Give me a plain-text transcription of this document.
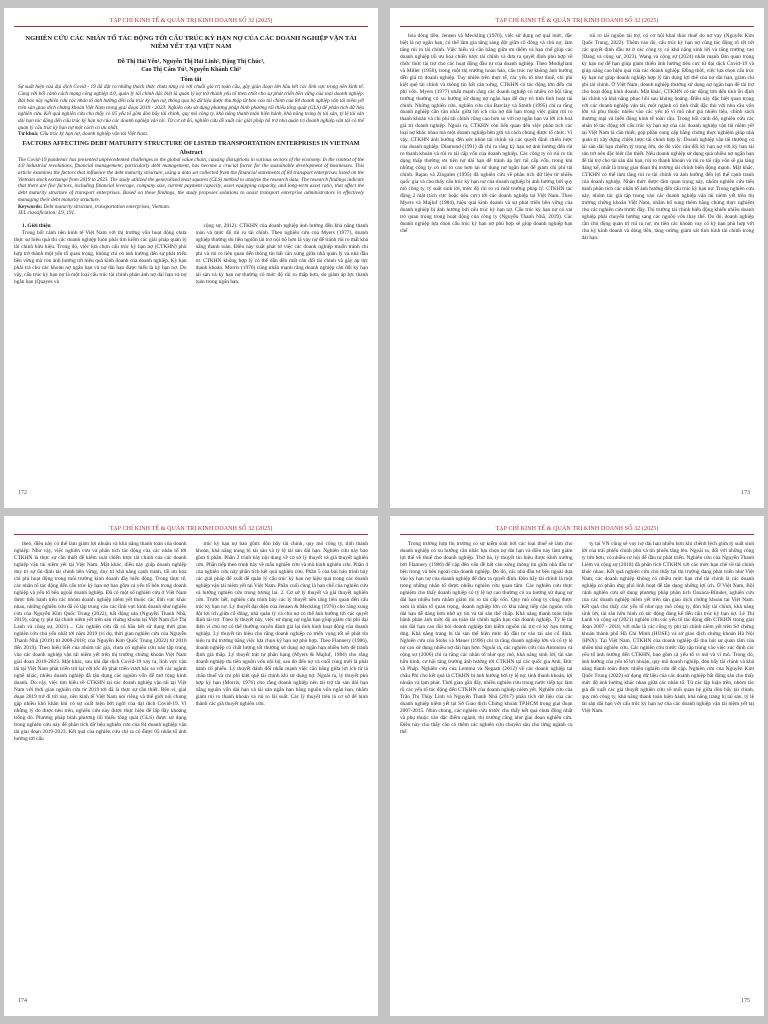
TẠP CHÍ KINH TẾ & QUẢN TRỊ KINH DOANH SỐ 32 (2025)
NGHIÊN CỨU CÁC NHÂN TỐ TÁC ĐỘNG TỚI CẤU TRÚC KỲ HẠN NỢ CỦA CÁC DOANH NGHIỆP VẬN TẢI NIÊM YẾT TẠI VIỆT NAM
Đỗ Thị Hải Yến¹, Nguyễn Thị Hải Linh², Đặng Thị Chúc³,
Cao Thị Cẩm Tú³, Nguyễn Khánh Chi³
Tóm tắt

Sự xuất hiện của đại dịch Covid - 19 đã đặt ra những thách thức chưa từng có với chuỗi giá trị toàn cầu, gây gián đoạn lớn hầu hết các lĩnh vực trong nền kinh tế. Cùng với bối cảnh cách mạng công nghiệp 4.0, quản lý tài chính đặc biệt là quản lý nợ trở thành yếu tố then chốt cho sự phát triển bền vững của mọi doanh nghiệp. Bài báo này nghiên cứu các nhân tố ảnh hưởng đến cấu trúc kỳ hạn nợ, thông qua bộ dữ liệu được thu thập từ báo cáo tài chính của 84 doanh nghiệp vận tải niêm yết trên sàn giao dịch chứng khoán Việt Nam trong giai đoạn 2019 - 2023. Nghiên cứu sử dụng phương pháp bình phương tối thiểu tổng quát (GLS) để phân tích dữ liệu nghiên cứu. Kết quả nghiên cứu cho thấy có 05 yếu tố gồm đòn bẩy tài chính, quy mô công ty, khả năng thanh toán hiện hành, khả năng trang bị tài sản, tỷ lệ tài sản dài hạn tác động đến cấu trúc kỳ hạn nợ của các doanh nghiệp vận tải. Từ cơ sở đó, nghiên cứu đề xuất các giải pháp hỗ trợ nhà quản trị doanh nghiệp vận tải có thể quản lý cấu trúc kỳ hạn nợ một cách có ưu nhất.

Từ khoá: Cấu trúc kỳ hạn nợ, doanh nghiệp vận tải Việt Nam.

FACTORS AFFECTING DEBT MATURITY STRUCTURE OF LISTED TRANSPORTATION ENTERPRISES IN VIETNAM
Abstract

The Covid-19 pandemic has presented unprecedented challenges to the global value chain, causing disruptions in various sectors of the economy. In the context of the 4.0 industrial revolutions, financial management, particularly debt management, has become a crucial factor for the sustainable development of businesses. This article examines the factors that influence the debt maturity structure, using a data set collected from the financial statements of 84 transport enterprises listed on the Vietnam stock exchange from 2019 to 2023. The study utilized the generalized least squares (GLS) method to analyze the research data. The research findings indicate that there are five factors, including financial leverage, company size, current payment capacity, asset equipping capacity, and long-term asset ratio, that affect the debt maturity structure of transport enterprises. Based on these findings, the study proposes solutions to assist transport enterprise administrators in effectively managing their debt maturity structure.

Keywords: Debt maturity structure, transportation enterprises, Vietnam.

JEL classification: L9, 191.

1. Giới thiệu

Trong bối cảnh nền kinh tế Việt Nam với thị trường vốn hoạt động chưa thực sự hiệu quả thì các doanh nghiệp luôn phải tìm kiếm các giải pháp quản lý tài chính hữu hiệu. Trong đó, việc lựa chọn cấu trúc kỳ hạn nợ (CTKHN) phù hợp trở thành một yếu tố quan trọng, không chỉ có ảnh hưởng đến sự phát triển bền vững mà còn ảnh hưởng tới hiệu quả kinh doanh của doanh nghiệp. Kỳ hạn phải trả cho các khoản nợ ngắn hạn và nợ dài hạn được hiểu là kỳ hạn nợ. Do vậy, cấu trúc kỳ hạn nợ là một loại cấu trúc tài chính phản ánh nợ dài hạn và nợ ngắn hạn (Quayes và

cộng sự, 2012). CTKHN của doanh nghiệp ảnh hưởng đến khả năng thanh toán và mức độ rủi ro tài chính. Theo nghiên cứu của Myers (1977), doanh nghiệp thường ưu tiên nguồn tài trợ nội bộ hơn là vay nợ để tránh rủi ro mất khả năng thanh toán. Điều này xuất phát từ việc các doanh nghiệp muốn tránh chi phí và rủi ro liên quan đến thông tin bất cân xứng giữa nhà quản lý và nhà đầu tư. CTKHN không hợp lý có thể dẫn đến mất cân đối tài chính và gây áp lực thanh khoản. Morris (1976) cũng nhấn mạnh rằng doanh nghiệp cân đối kỳ hạn tài sản và kỳ hạn nợ thường có mức độ rủi ro thấp hơn, do giảm áp lực thanh toán trong ngắn hạn.

172
TẠP CHÍ KINH TẾ & QUẢN TRỊ KINH DOANH SỐ 32 (2025)

hóa dòng tiền. Jensen và Meckling (1976), việc sử dụng nợ quá mức, đặc biệt là nợ ngắn hạn, có thể làm gia tăng sáng đột giữa cổ đông và chủ nợ, làm tăng rủi ro tài chính. Việc hiểu và cân bằng giữa ưu điểm và hạn chế giúp các doanh nghiệp tối ưu hóa chiến lược tài chính và đưa ra quyết định phù hợp về chức thức tài trợ cho các hoạt động đầu tư của doanh nghiệp. Theo Modigliani và Miller (1958), trong một thị trường hoàn hảo, cấu trúc nợ không ảnh hưởng đến giá trị doanh nghiệp. Tuy nhiên trên thực tế, các yếu tố như thuế, chi phí kiệt quệ tài chính và thông tin bất cân xứng, CTKHN có tác động lớn đến chi phí vốn. Myers (1977) nhấn mạnh rằng các doanh nghiệp có nhiều cơ hội tăng trưởng thường có xu hướng sử dụng nợ ngắn hạn để duy trì tính linh hoạt tài chính. Những nghiên cứu, nghiên cứu của Barclay và Smith (1995) chỉ ra rằng doanh nghiệp cần cân nhắc giữa lợi ích của nợ dài hạn trong việc giảm rủi ro thanh khoản và chi phí tái chính cũng cao hơn so với nợ ngắn hạn và lời ích hoá giá trị doanh nghiệp. Ngoài ra, CTKHN còn liên quan đến việc phân tích các loại nợ khác nhau mà một doanh nghiệp bên gửi và cách chúng được tổ chức. Vì vậy, CTKHN ảnh hưởng đến sức khỏe tài chính và các quyết định chiến lược của doanh nghiệp. Diamond (1991) đã chỉ ra rằng kỳ hạn nợ ảnh hưởng đến rủi ro thanh khoản và rủi ro tái cấp vốn của doanh nghiệp. Các công ty có rủi ro tín dụng thấp thường ưu tiên nợ dài hạn để tránh áp lực tái cấp vốn, trong khi những công ty có rủi ro cao hơn lại sử dụng nợ ngắn hạn để giảm chi phí tài chính. Rajan và Zingales (1995) đã nghiên cứu về phân tích dữ liệu từ nhiều quốc gia và cho thấy cấu trúc kỳ hạn nợ của doanh nghiệp bị ảnh hưởng bởi quy mô công ty, tỷ suất sinh lời, mức độ rủi ro và môi trường pháp lý. CTKHN tác động 2 mặt (tích cực hoặc tiêu cực) tới các doanh nghiệp tại Việt Nam. Theo Myers và Majluf (1984), hiệu quả kinh doanh và sự phát triển bền vững của doanh nghiệp bị ảnh hưởng bởi cấu trúc kỳ hạn nợ. Cấu trúc kỳ hạn nợ có vai trò quan trọng trong hoạt động của công ty (Nguyễn Thanh Nhã, 2019). Các doanh nghiệp lựa chọn cấu trúc kỳ hạn nợ phù hợp sẽ giúp doanh nghiệp hạn chế

rủi ro tái nguồn tài trợ, có cơ hội khai thác thuế do nợ vay (Nguyễn Kim Quốc Trung, 2022). Thêm vào đó, cấu trúc kỳ hạn nợ cũng tác động rõ rệt tới các quyết định đầu tư ở các công ty có khả năng sinh lời và tăng trưởng cao (Dang và cộng sự, 2023). Wang và cộng sự (2024) nhấn mạnh tầm quan trọng kỳ hạn nợ để hạn giúp giảm thiểu ảnh hưởng tiêu cực từ đại dịch Covid-19 và giúp nâng cao hiệu quả của các doanh nghiệp. Đồng thời, việc lựa chọn cấu trúc kỳ hạn nợ giúp doanh nghiệp hợp lý tận dụng lợi thế của nợ dài hạn, giảm chi phí tài chính. Ở Việt Nam, doanh nghiệp thường sử dụng nợ ngắn hạn để tài trợ cho hoạt động kinh doanh. Mặt khác, CTKHN có tác động lớn đến tính ổn định tài chính và khả năng phục hồi sau khủng hoảng. Điều này đặc biệt quan trọng với các doanh nghiệp vận tải, một ngành có tính chất đặc thù với nhu cầu vốn lớn và phụ thuộc nhiều vào các yếu tố vĩ mô như giá nhiên liệu, chính sách thương mại và biến động kinh tế toàn cầu. Trong bối cảnh đó, nghiên cứu các nhân tố tác động tới cấu trúc kỳ hạn nợ của các doanh nghiệp vận tải niêm yết tại Việt Nam là cần thiết, góp phần cung cấp bằng chứng thực nghiệm giúp nhà quản trị xây dựng chiến lược tài chính hợp lý. Doanh nghiệp vận tải thường có tài sản dài hạn chiếm tỷ trọng lớn, do đó việc cân đối kỳ hạn nợ với kỳ hạn tài sản trở nên đặc biệt cần thiết. Nếu doanh nghiệp sử dụng quá nhiều nợ ngắn hạn để tài trợ cho tài sản dài hạn, rủi ro thanh khoản và rủi ro tái cấp vốn sẽ gia tăng đáng kể, nhất là trong giai đoạn thị trường tài chính biến động mạnh. Mặt khác, CTKHN có thể làm tăng rủi ro tài chính và ảnh hưởng đến lợi thế cạnh tranh của doanh nghiệp. Nhận thức được tầm quan trọng này, nhóm nghiên cứu tiến hành phân tích các nhân tố ảnh hưởng đến cấu trúc kỳ hạn nợ. Trong nghiên cứu này, nhóm tác giả tập trung vào các doanh nghiệp vận tải niêm yết trên thị trường chứng khoán Việt Nam, nhằm bổ sung thêm bằng chứng thực nghiệm cho các nghiên cứu trước đây. Thị trường tài chính biến động khiến nhiều doanh nghiệp phải chuyển hướng sang các nguồn vốn thay thế. Do đó, doanh nghiệp cần chủ động quản trị rủi ro nợ, ưu tiên các khoản vay có kỳ hạn phù hợp với chu kỳ kinh doanh và dòng tiền, tăng cường giám sát tình hình tài chính trong dài hạn.

173
TẠP CHÍ KINH TẾ & QUẢN TRỊ KINH DOANH SỐ 32 (2025)

theo, điều này có thể làm giảm lợi nhuận và khả năng thanh toán của doanh nghiệp. Như vậy, việc nghiên cứu và phân tích tác động của các nhân tố tới CTKHN là thực sự cần thiết để kiểm soát chiến lược tài chính của các doanh nghiệp vận tải niêm yết tại Việt Nam. Mặt khác, điều này giúp doanh nghiệp duy trì sự ổn định tài chính bền vững, duy trì khả năng cạnh tranh, tối ưu hóa chi phí hoạt động trong môi trường kinh doanh đầy biến động. Trong thực tế, các nhân tố tác động đến cấu trúc kỳ hạn nợ bao gồm cả yếu tố bên trong doanh nghiệp và yếu tố bên ngoài doanh nghiệp. Đã có một số nghiên cứu ở Việt Nam được tiến hành trên các nhóm doanh nghiệp niêm yết thuộc các lĩnh vực khác nhau, những nghiên cứu đã có tập trung vào các lĩnh vực kinh doanh như nghiên cứu của Nguyễn Kim Quốc Trung (2022), bất động sản (Nguyễn Thanh Nhã, 2019), công ty phi tài chính niêm yết trên sàn chứng khoán tại Việt Nam (Lê Thị Lanh và cộng sự, 2021).... Các nghiên cứu đã có hầu hết sử dụng thời gian nghiên cứu chủ yếu nhất tới năm 2019 (ví dụ, thời gian nghiên cứu của Nguyễn Thanh Nhã (2019) từ 2008-2018; của Nguyễn Kim Quốc Trung (2022) từ 2010 đến 2019). Theo hiểu biết của nhóm tác giả, chưa có nghiên cứu nào tập trung vào các doanh nghiệp vận tải niêm yết trên thị trường chứng khoán Việt Nam giai đoạn 2019-2023. Mặt khác, sau khi đại dịch Covid-19 xảy ra, lĩnh vực vận tải tại Việt Nam phát triển trở lại với tốc độ phát triển vượt bậc so với các ngành nghề khác, nhiều doanh nghiệp đã tận dụng các nguồn vốn để mở rộng kinh doanh. Do vậy, việc tìm hiểu về CTKHN tại các doanh nghiệp vận tải tại Việt Nam với thời gian nghiên cứu từ 2019 tới đã là thực sự cần thiết. Bên vì, giai đoạn 2019 trở đi tới nay, nền kinh tế Việt Nam nói riêng và thế giới nói chung gặp nhiều khó khăn khi có sự xuất hiện bởi ngời của đại dịch Covid-19. Vì những lý do được nêu trên, nghiên cứu này được thực hiện để lấp đầy khoảng trống đó. Phương pháp bình phương tối thiểu tổng quát (GLS) được sử dụng trong nghiên cứu này để phân tích dữ liệu nghiên cứu của 84 doanh nghiệp vận tải giai đoạn 2019-2023. Kết quả của nghiên cứu chỉ ra có được 05 nhân tố ảnh hưởng tới cấu

trúc kỳ hạn nợ bao gồm: đòn bẩy tài chính, quy mô công ty, tính thanh khoản, khả năng trang bị tài sản và tỷ lệ tài sản dài hạn. Nghiên cứu này bao gồm 6 phần. Phần 2 trình bày nội dung về cơ sở lý thuyết và giả thuyết nghiên cứu. Phần tiếp theo trình bày về mẫu nghiên cứu và mô hình nghiên cứu. Phần 4 của nghiên cứu này phân tích kết quả nghiên cứu. Phần 5 của bài báo trình bày các giải pháp để xuất để quản lý cấu trúc kỳ hạn nợ hiệu quả trong các doanh nghiệp vận tải niêm yết tại Việt Nam. Phần cuối cùng là hạn chế của nghiên cứu và hướng nghiên cứu trong tương lai. 2. Cơ sở lý thuyết và giả thuyết nghiên cứu. Trước hết, nghiên cứu trình bày các lý thuyết nền tảng liên quan đến cấu trúc kỳ hạn nợ. Lý thuyết đại diện của Jensen & Meckling (1976) cho rằng xung đột lợi ích giữa cổ đông, nhà quản lý và chủ nợ có thể ảnh hưởng tới các quyết định tài trợ. Theo lý thuyết này, việc sử dụng nợ ngắn hạn giúp giảm chi phí đại diện vì chủ nợ có thể thường xuyên đánh giá lại tình hình hoạt động của doanh nghiệp. Lý thuyết tín hiệu cho rằng doanh nghiệp có triển vọng tốt sẽ phát tín hiệu ra thị trường bằng việc lựa chọn kỳ hạn nợ phù hợp. Theo Flannery (1986), doanh nghiệp có chất lượng tốt thường sử dụng nợ ngắn hạn nhiều hơn để tránh định giá thấp. Lý thuyết trật tự phân hạng (Myers & Majluf, 1984) cho rằng doanh nghiệp ưu tiên nguồn vốn nội bộ, sau đó đến nợ và cuối cùng mới là phát hành cổ phiếu. Lý thuyết đánh đổi nhấn mạnh việc cân bằng giữa lợi ích từ lá chắn thuế và chi phí kiệt quệ tài chính khi sử dụng nợ. Ngoài ra, lý thuyết phù hợp kỳ hạn (Morris, 1976) cho rằng doanh nghiệp nên tài trợ tài sản dài hạn bằng nguồn vốn dài hạn và tài sản ngắn hạn bằng nguồn vốn ngắn hạn, nhằm giảm rủi ro thanh khoản và rủi ro lãi suất. Các lý thuyết trên là cơ sở để hình thành các giả thuyết nghiên cứu.

174
TẠP CHÍ KINH TẾ & QUẢN TRỊ KINH DOANH SỐ 32 (2025)

Trong trường hợp thị trường có sự kiểm soát bởi các loại thuế sẽ làm cho doanh nghiệp có xu hướng cân nhắc lựa chọn nợ dài hạn và điều này làm giảm lợi thế về thuế cho doanh nghiệp. Thứ ba, lý thuyết tín hiệu được khởi xướng bởi Flannery (1986) để cập đến vấn đề bất cân xứng thông tin giữa nhà đầu tư bên trong và bên ngoài của doanh nghiệp. Do đó, các nhà đầu tư bên ngoài dựa vào kỳ hạn nợ của doanh nghiệp để đưa ra quyết định. Đòn bẩy tài chính là một trong những nhân tố được nhiều nghiên cứu quan tâm. Các nghiên cứu thực nghiệm cho thấy doanh nghiệp có tỷ lệ nợ cao thường có xu hướng sử dụng nợ dài hạn nhiều hơn nhằm giảm rủi ro tái cấp vốn. Quy mô công ty cũng được xem là nhân tố quan trọng, doanh nghiệp lớn có khả năng tiếp cận nguồn vốn dài hạn dễ dàng hơn nhờ uy tín và tài sản thế chấp. Khả năng thanh toán hiện hành phản ánh mức độ an toàn tài chính ngắn hạn của doanh nghiệp. Tỷ lệ tài sản dài hạn cao đòi hỏi doanh nghiệp tìm kiếm nguồn tài trợ có kỳ hạn tương ứng. Khả năng trang bị tài sản thể hiện mức độ đầu tư vào tài sản cố định. Nghiên cứu của Stohs và Mauer (1996) chỉ ra rằng doanh nghiệp lớn và có tỷ lệ nợ cao sử dụng nhiều nợ dài hạn hơn. Ngoài ra, các nghiên cứu của Antoniou và cộng sự (2006) chỉ ra rằng các nhân tố như quy mô, khả năng sinh lời, tài sản hữu hình, cơ hội tăng trưởng ảnh hưởng tới CTKHN tại các quốc gia Anh, Đức và Pháp. Nghiên cứu của Lemma và Negash (2012) về các doanh nghiệp tại châu Phi cho kết quả là CTKHN bị ảnh hưởng bởi tỷ lệ nợ, tính thanh khoản, lợi nhuận và lạm phát. Thời gian gần đây, nhiều nghiên cứu trong nước tiếp tục làm rõ các yếu tố tác động đến CTKHN của doanh nghiệp niêm yết. Nghiên cứu của Trần Thị Thùy Linh và Nguyễn Thanh Nhã (2017) phân tích dữ liệu của các doanh nghiệp niêm yết tại Sở Giao dịch Chứng khoán TP.HCM trong giai đoạn 2007-2015. Nhìn chung, các nghiên cứu trước cho thấy kết quả chưa đồng nhất và phụ thuộc vào đặc điểm ngành, thị trường cũng như giai đoạn nghiên cứu. Điều này cho thấy cần có thêm các nghiên cứu chuyên sâu cho từng ngành cụ thể.

ty tại VN cũng sẽ vay nợ dài hạn nhiều hơn khi chênh lệch giữa tỷ suất sinh lời của trái phiếu chính phủ và tín phiếu tăng lên. Ngoài ra, đối với những công ty lớn hơn, có nhiều cơ hội để đầu tư phát triển. Nghiên cứu của Nguyễn Thanh Liêm và cộng sự (2018) đã phân tích CTKHN với các mức hạn chế về tài chính khác nhau. Kết quả nghiên cứu cho thấy tại thị trường đang phát triển như Việt Nam, các doanh nghiệp không có nhiều mức hạn chế tài chính là các doanh nghiệp có phần ứng phó linh hoạt để tận dụng những lợi ích. Ở Việt Nam, Bội cảnh nghiên cứu sử dụng phương pháp phân tích Oaxaca-Blinder, nghiên cứu của các doanh nghiệp niêm yết trên sàn giao dịch chứng khoán tại Việt Nam. Kết quả cho thấy các yếu tố như quy mô công ty, đòn bẩy tài chính, khả năng sinh lời, tài sản hữu hình có tác động đáng kể đến cấu trúc kỳ hạn nợ. Lê Thị Lanh và cộng sự (2021) nghiên cứu các yếu tố tác động đến CTKHN trong giai đoạn 2007 - 2018, với mẫu là các công ty phi tài chính niêm yết trên Sở chứng khoán thành phố Hồ Chí Minh (HOSE) và sở giao dịch chứng khoán Hà Nội (HNX). Tại Việt Nam, CTKHN của doanh nghiệp đã thu hút sự quan tâm của nhiều nhà nghiên cứu. Các nghiên cứu trước đây tập trung vào việc xác định các yếu tố ảnh hưởng đến CTKHN, bao gồm cả yếu tố vi mô và vĩ mô. Trong đó, ảnh hưởng của yếu tố lợi nhuận, quy mô doanh nghiệp, đòn bẩy tài chính và khả năng thanh toán được nhiều nghiên cứu đề cập. Nghiên cứu của Nguyễn Kim Quốc Trung (2022) sử dụng dữ liệu của các doanh nghiệp bất động sản cho thấy mức độ ảnh hưởng khác nhau giữa các nhân tố. Từ các lập luận trên, nhóm tác giả đề xuất các giả thuyết nghiên cứu về mối quan hệ giữa đòn bẩy tài chính, quy mô công ty, khả năng thanh toán hiện hành, khả năng trang bị tài sản, tỷ lệ tài sản dài hạn với cấu trúc kỳ hạn nợ của các doanh nghiệp vận tải niêm yết tại Việt Nam.

175
